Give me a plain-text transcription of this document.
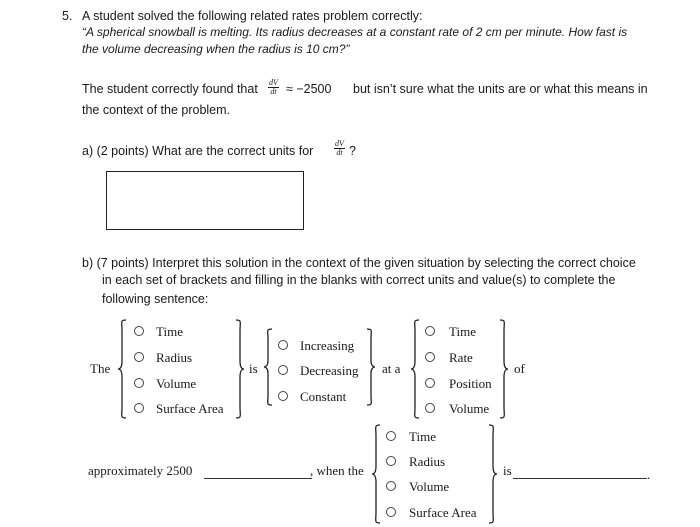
5. A student solved the following related rates problem correctly:
“A spherical snowball is melting. Its radius decreases at a constant rate of 2 cm per minute. How fast is
the volume decreasing when the radius is 10 cm?”
The student correctly found that $\frac{dV}{dt} \approx -2500$ but isn’t sure what the units are or what this means in
the context of the problem.
a) (2 points) What are the correct units for	$\frac{dV}{dt}$ ?
b) (7 points) Interpret this solution in the context of the given situation by selecting the correct choice
in each set of brackets and filling in the blanks with correct units and value(s) to complete the
following sentence:
The
Time
Radius
Volume
Surface Area
is
Increasing
Decreasing
Constant
at a
Time
Rate
Position
Volume
of
approximately 2500	, when the
Time
Radius
Volume
Surface Area
is	.
